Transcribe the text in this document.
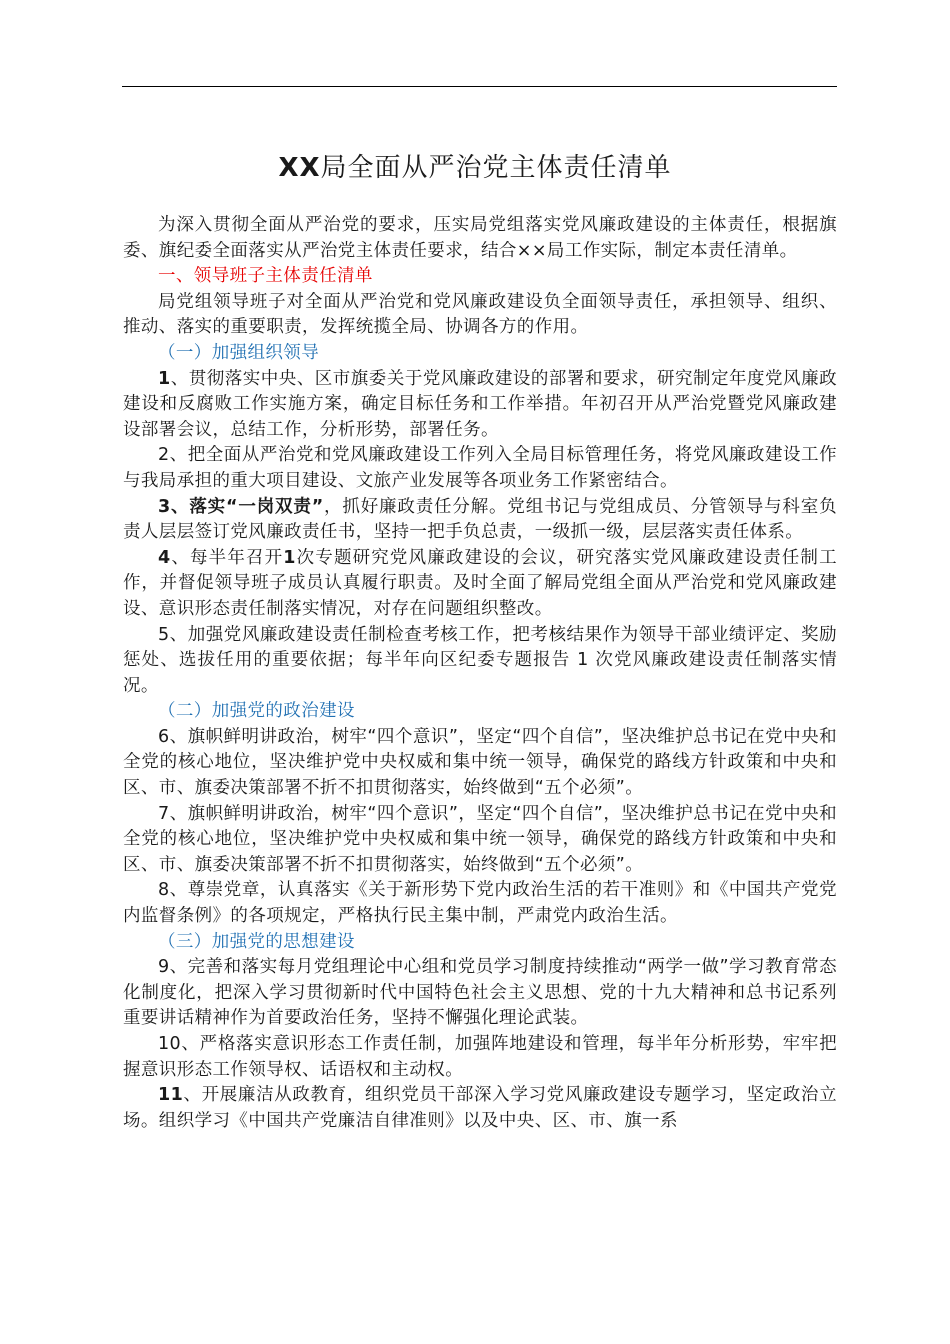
XX局全面从严治党主体责任清单

为深入贯彻全面从严治党的要求，压实局党组落实党风廉政建设的主体责任，根据旗委、旗纪委全面落实从严治党主体责任要求，结合××局工作实际，制定本责任清单。

一、领导班子主体责任清单

局党组领导班子对全面从严治党和党风廉政建设负全面领导责任，承担领导、组织、推动、落实的重要职责，发挥统揽全局、协调各方的作用。

（一）加强组织领导

1、贯彻落实中央、区市旗委关于党风廉政建设的部署和要求，研究制定年度党风廉政建设和反腐败工作实施方案，确定目标任务和工作举措。年初召开从严治党暨党风廉政建设部署会议，总结工作，分析形势，部署任务。

2、把全面从严治党和党风廉政建设工作列入全局目标管理任务，将党风廉政建设工作与我局承担的重大项目建设、文旅产业发展等各项业务工作紧密结合。

3、落实“一岗双责”，抓好廉政责任分解。党组书记与党组成员、分管领导与科室负责人层层签订党风廉政责任书，坚持一把手负总责，一级抓一级，层层落实责任体系。

4、每半年召开1次专题研究党风廉政建设的会议，研究落实党风廉政建设责任制工作，并督促领导班子成员认真履行职责。及时全面了解局党组全面从严治党和党风廉政建设、意识形态责任制落实情况，对存在问题组织整改。

5、加强党风廉政建设责任制检查考核工作，把考核结果作为领导干部业绩评定、奖励惩处、选拔任用的重要依据；每半年向区纪委专题报告 1 次党风廉政建设责任制落实情况。

（二）加强党的政治建设

6、旗帜鲜明讲政治，树牢“四个意识”，坚定“四个自信”，坚决维护总书记在党中央和全党的核心地位，坚决维护党中央权威和集中统一领导，确保党的路线方针政策和中央和区、市、旗委决策部署不折不扣贯彻落实，始终做到“五个必须”。

7、旗帜鲜明讲政治，树牢“四个意识”，坚定“四个自信”，坚决维护总书记在党中央和全党的核心地位，坚决维护党中央权威和集中统一领导，确保党的路线方针政策和中央和区、市、旗委决策部署不折不扣贯彻落实，始终做到“五个必须”。

8、尊崇党章，认真落实《关于新形势下党内政治生活的若干准则》和《中国共产党党内监督条例》的各项规定，严格执行民主集中制，严肃党内政治生活。

（三）加强党的思想建设

9、完善和落实每月党组理论中心组和党员学习制度持续推动“两学一做”学习教育常态化制度化，把深入学习贯彻新时代中国特色社会主义思想、党的十九大精神和总书记系列重要讲话精神作为首要政治任务，坚持不懈强化理论武装。

10、严格落实意识形态工作责任制，加强阵地建设和管理，每半年分析形势，牢牢把握意识形态工作领导权、话语权和主动权。

11、开展廉洁从政教育，组织党员干部深入学习党风廉政建设专题学习，坚定政治立场。组织学习《中国共产党廉洁自律准则》以及中央、区、市、旗一系
